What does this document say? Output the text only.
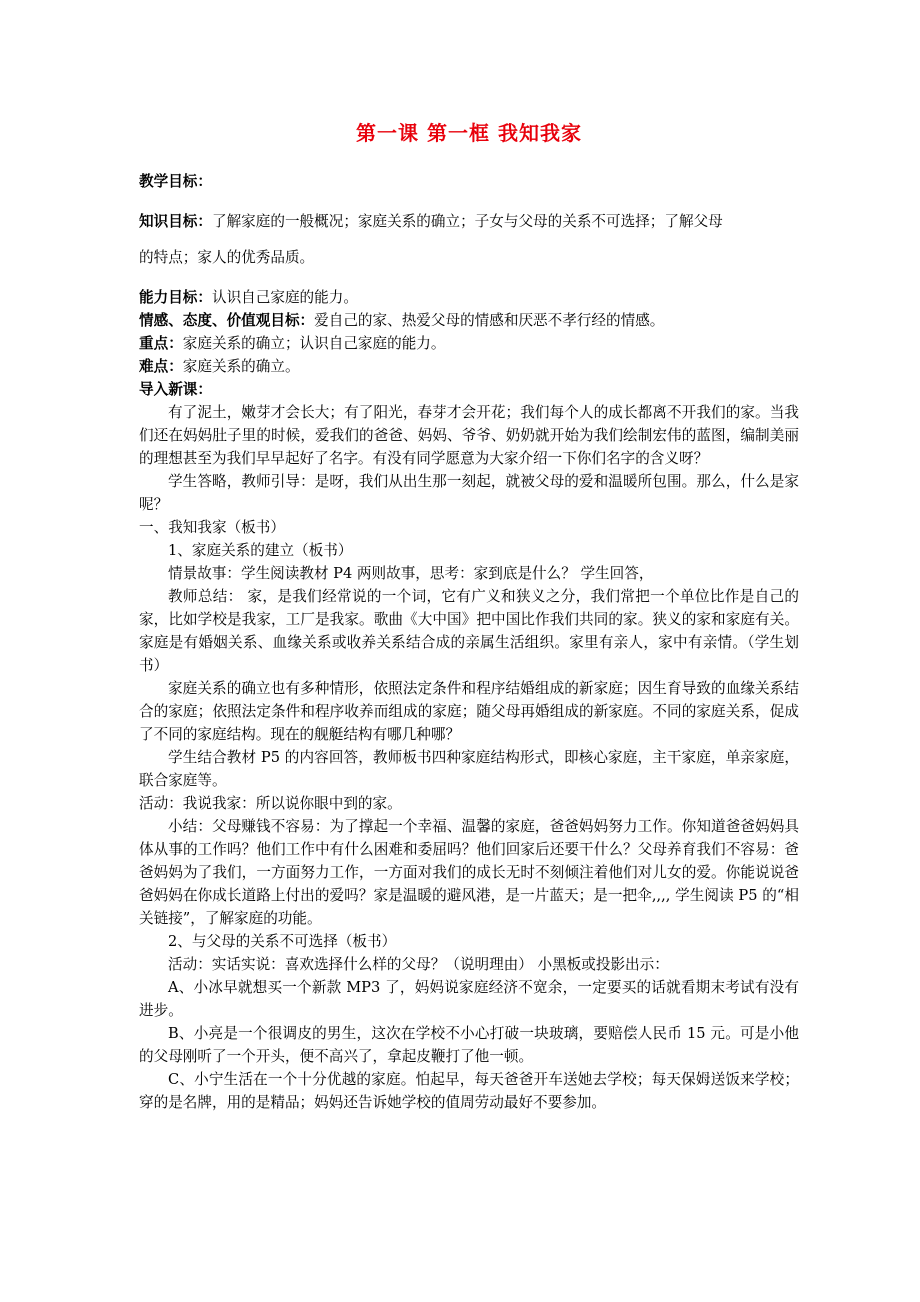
第一课 第一框 我知我家

教学目标：

知识目标：了解家庭的一般概况；家庭关系的确立；子女与父母的关系不可选择；了解父母

的特点；家人的优秀品质。

能力目标：认识自己家庭的能力。

情感、态度、价值观目标：爱自己的家、热爱父母的情感和厌恶不孝行经的情感。

重点：家庭关系的确立；认识自己家庭的能力。

难点：家庭关系的确立。

导入新课：

有了泥土，嫩芽才会长大；有了阳光，春芽才会开花；我们每个人的成长都离不开我们的家。当我们还在妈妈肚子里的时候，爱我们的爸爸、妈妈、爷爷、奶奶就开始为我们绘制宏伟的蓝图，编制美丽的理想甚至为我们早早起好了名字。有没有同学愿意为大家介绍一下你们名字的含义呀？

学生答略，教师引导：是呀，我们从出生那一刻起，就被父母的爱和温暖所包围。那么，什么是家呢？

一、我知我家（板书）

1、家庭关系的建立（板书）

情景故事：学生阅读教材 P4 两则故事，思考：家到底是什么？ 学生回答，

教师总结： 家，是我们经常说的一个词，它有广义和狭义之分，我们常把一个单位比作是自己的家，比如学校是我家，工厂是我家。歌曲《大中国》把中国比作我们共同的家。狭义的家和家庭有关。家庭是有婚姻关系、血缘关系或收养关系结合成的亲属生活组织。家里有亲人，家中有亲情。（学生划书）

家庭关系的确立也有多种情形，依照法定条件和程序结婚组成的新家庭；因生育导致的血缘关系结合的家庭；依照法定条件和程序收养而组成的家庭；随父母再婚组成的新家庭。不同的家庭关系，促成了不同的家庭结构。现在的舰艇结构有哪几种哪？

学生结合教材 P5 的内容回答，教师板书四种家庭结构形式，即核心家庭，主干家庭，单亲家庭，联合家庭等。

活动：我说我家：所以说你眼中到的家。

小结：父母赚钱不容易：为了撑起一个幸福、温馨的家庭，爸爸妈妈努力工作。你知道爸爸妈妈具体从事的工作吗？他们工作中有什么困难和委屈吗？他们回家后还要干什么？父母养育我们不容易：爸爸妈妈为了我们，一方面努力工作，一方面对我们的成长无时不刻倾注着他们对儿女的爱。你能说说爸爸妈妈在你成长道路上付出的爱吗？家是温暖的避风港，是一片蓝天；是一把伞,,,, 学生阅读 P5 的“相关链接”，了解家庭的功能。

2、与父母的关系不可选择（板书）

活动：实话实说：喜欢选择什么样的父母？（说明理由） 小黑板或投影出示：

A、小冰早就想买一个新款 MP3 了，妈妈说家庭经济不宽余，一定要买的话就看期末考试有没有进步。

B、小亮是一个很调皮的男生，这次在学校不小心打破一块玻璃，要赔偿人民币 15 元。可是小他的父母刚听了一个开头，便不高兴了，拿起皮鞭打了他一顿。

C、小宁生活在一个十分优越的家庭。怕起早，每天爸爸开车送她去学校；每天保姆送饭来学校；穿的是名牌，用的是精品；妈妈还告诉她学校的值周劳动最好不要参加。
